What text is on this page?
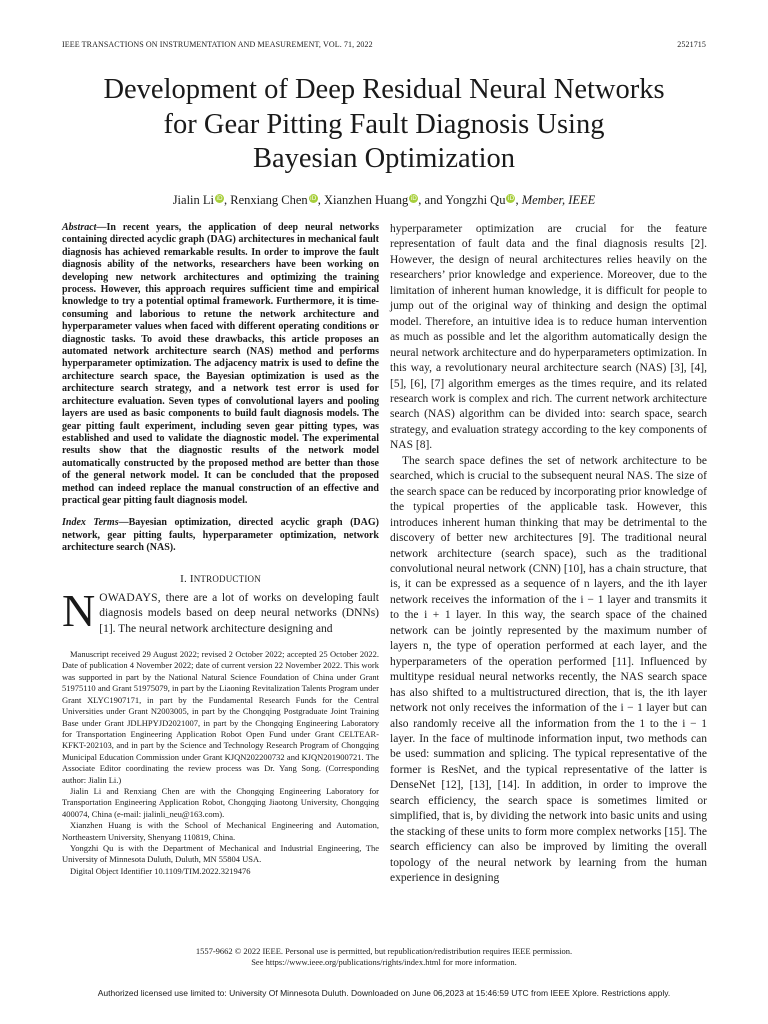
IEEE TRANSACTIONS ON INSTRUMENTATION AND MEASUREMENT, VOL. 71, 2022	2521715
Development of Deep Residual Neural Networks
for Gear Pitting Fault Diagnosis Using
Bayesian Optimization
Jialin Li iD, Renxiang Chen iD, Xianzhen Huang iD, and Yongzhi Qu iD, Member, IEEE

Abstract—In recent years, the application of deep neural networks containing directed acyclic graph (DAG) architectures in mechanical fault diagnosis has achieved remarkable results. In order to improve the fault diagnosis ability of the networks, researchers have been working on developing new network architectures and optimizing the training process. However, this approach requires sufficient time and empirical knowledge to try a potential optimal framework. Furthermore, it is time-consuming and laborious to retune the network architecture and hyperparameter values when faced with different operating conditions or diagnostic tasks. To avoid these drawbacks, this article proposes an automated network architecture search (NAS) method and performs hyperparameter optimization. The adjacency matrix is used to define the architecture search space, the Bayesian optimization is used as the architecture search strategy, and a network test error is used for architecture evaluation. Seven types of convolutional layers and pooling layers are used as basic components to build fault diagnosis models. The gear pitting fault experiment, including seven gear pitting types, was established and used to validate the diagnostic model. The experimental results show that the diagnostic results of the network model automatically constructed by the proposed method are better than those of the general network model. It can be concluded that the proposed method can indeed replace the manual construction of an effective and practical gear pitting fault diagnosis model.

Index Terms—Bayesian optimization, directed acyclic graph (DAG) network, gear pitting faults, hyperparameter optimization, network architecture search (NAS).

I. INTRODUCTION

NOWADAYS, there are a lot of works on developing fault diagnosis models based on deep neural networks (DNNs) [1]. The neural network architecture designing and

Manuscript received 29 August 2022; revised 2 October 2022; accepted 25 October 2022. Date of publication 4 November 2022; date of current version 22 November 2022. This work was supported in part by the National Natural Science Foundation of China under Grant 51975110 and Grant 51975079, in part by the Liaoning Revitalization Talents Program under Grant XLYC1907171, in part by the Fundamental Research Funds for the Central Universities under Grant N2003005, in part by the Chongqing Postgraduate Joint Training Base under Grant JDLHPYJD2021007, in part by the Chongqing Engineering Laboratory for Transportation Engineering Application Robot Open Fund under Grant CELTEAR-KFKT-202103, and in part by the Science and Technology Research Program of Chongqing Municipal Education Commission under Grant KJQN202200732 and KJQN201900721. The Associate Editor coordinating the review process was Dr. Yang Song. (Corresponding author: Jialin Li.)

Jialin Li and Renxiang Chen are with the Chongqing Engineering Laboratory for Transportation Engineering Application Robot, Chongqing Jiaotong University, Chongqing 400074, China (e-mail: jialinli_neu@163.com).

Xianzhen Huang is with the School of Mechanical Engineering and Automation, Northeastern University, Shenyang 110819, China.

Yongzhi Qu is with the Department of Mechanical and Industrial Engineering, The University of Minnesota Duluth, Duluth, MN 55804 USA.

Digital Object Identifier 10.1109/TIM.2022.3219476

hyperparameter optimization are crucial for the feature representation of fault data and the final diagnosis results [2]. However, the design of neural architectures relies heavily on the researchers’ prior knowledge and experience. Moreover, due to the limitation of inherent human knowledge, it is difficult for people to jump out of the original way of thinking and design the optimal model. Therefore, an intuitive idea is to reduce human intervention as much as possible and let the algorithm automatically design the neural network architecture and do hyperparameters optimization. In this way, a revolutionary neural architecture search (NAS) [3], [4], [5], [6], [7] algorithm emerges as the times require, and its related research work is complex and rich. The current network architecture search (NAS) algorithm can be divided into: search space, search strategy, and evaluation strategy according to the key components of NAS [8].

The search space defines the set of network architecture to be searched, which is crucial to the subsequent neural NAS. The size of the search space can be reduced by incorporating prior knowledge of the typical properties of the applicable task. However, this introduces inherent human thinking that may be detrimental to the discovery of better new architectures [9]. The traditional neural network architecture (search space), such as the traditional convolutional neural network (CNN) [10], has a chain structure, that is, it can be expressed as a sequence of n layers, and the ith layer network receives the information of the i − 1 layer and transmits it to the i + 1 layer. In this way, the search space of the chained network can be jointly represented by the maximum number of layers n, the type of operation performed at each layer, and the hyperparameters of the operation performed [11]. Influenced by multitype residual neural networks recently, the NAS search space has also shifted to a multistructured direction, that is, the ith layer network not only receives the information of the i − 1 layer but can also randomly receive all the information from the 1 to the i − 1 layer. In the face of multinode information input, two methods can be used: summation and splicing. The typical representative of the former is ResNet, and the typical representative of the latter is DenseNet [12], [13], [14]. In addition, in order to improve the search efficiency, the search space is sometimes limited or simplified, that is, by dividing the network into basic units and using the stacking of these units to form more complex networks [15]. The search efficiency can also be improved by limiting the overall topology of the neural network by learning from the human experience in designing

1557-9662 © 2022 IEEE. Personal use is permitted, but republication/redistribution requires IEEE permission.

See https://www.ieee.org/publications/rights/index.html for more information.

Authorized licensed use limited to: University Of Minnesota Duluth. Downloaded on June 06,2023 at 15:46:59 UTC from IEEE Xplore. Restrictions apply.
